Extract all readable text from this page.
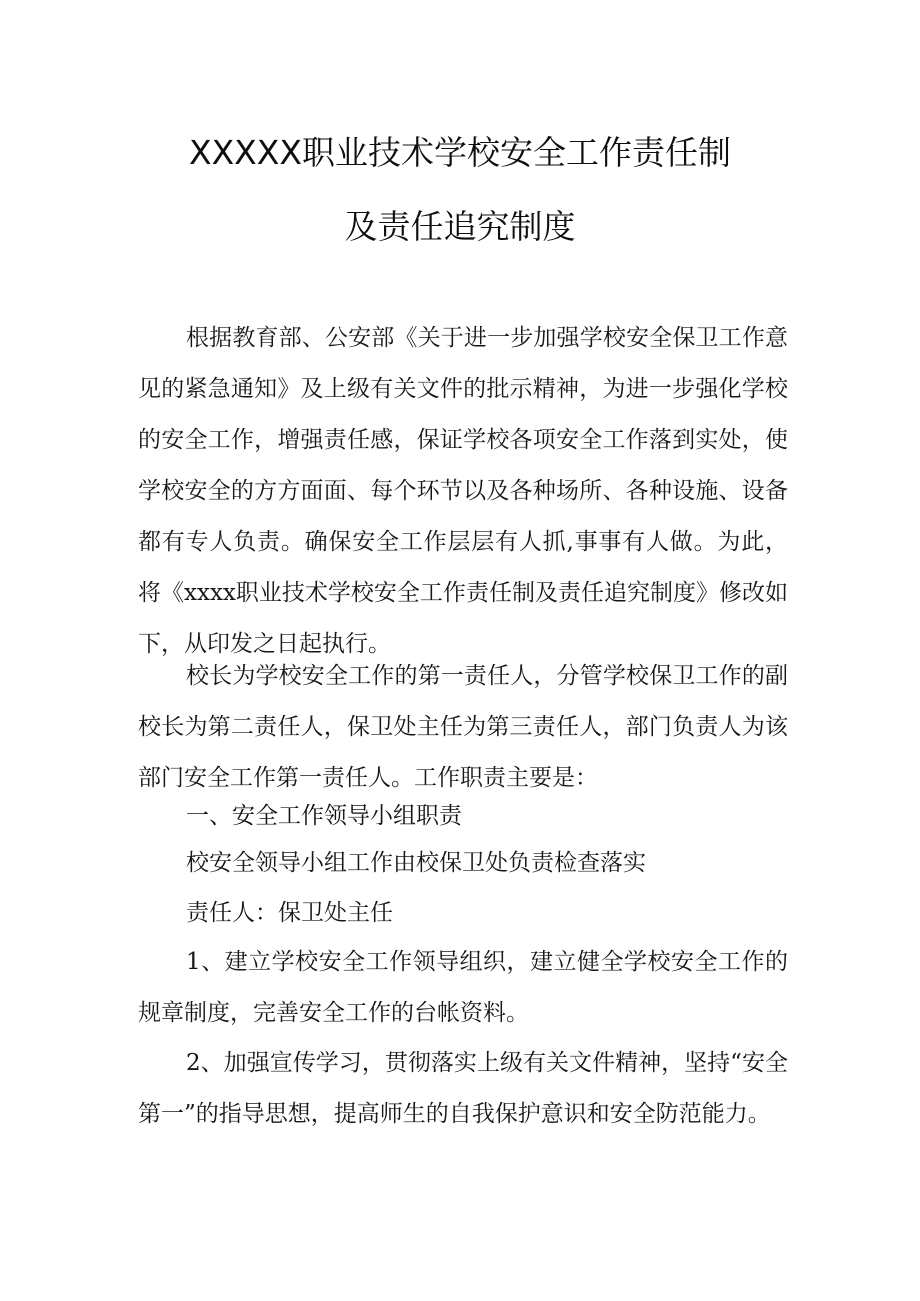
XXXXX职业技术学校安全工作责任制
及责任追究制度

根据教育部、公安部《关于进一步加强学校安全保卫工作意见的紧急通知》及上级有关文件的批示精神，为进一步强化学校的安全工作，增强责任感，保证学校各项安全工作落到实处，使学校安全的方方面面、每个环节以及各种场所、各种设施、设备都有专人负责。确保安全工作层层有人抓,事事有人做。为此，将《xxxx职业技术学校安全工作责任制及责任追究制度》修改如下，从印发之日起执行。

校长为学校安全工作的第一责任人，分管学校保卫工作的副校长为第二责任人，保卫处主任为第三责任人，部门负责人为该部门安全工作第一责任人。工作职责主要是：

一、安全工作领导小组职责
校安全领导小组工作由校保卫处负责检查落实
责任人：保卫处主任

1、建立学校安全工作领导组织，建立健全学校安全工作的规章制度，完善安全工作的台帐资料。

2、加强宣传学习，贯彻落实上级有关文件精神，坚持“安全第一”的指导思想，提高师生的自我保护意识和安全防范能力。
